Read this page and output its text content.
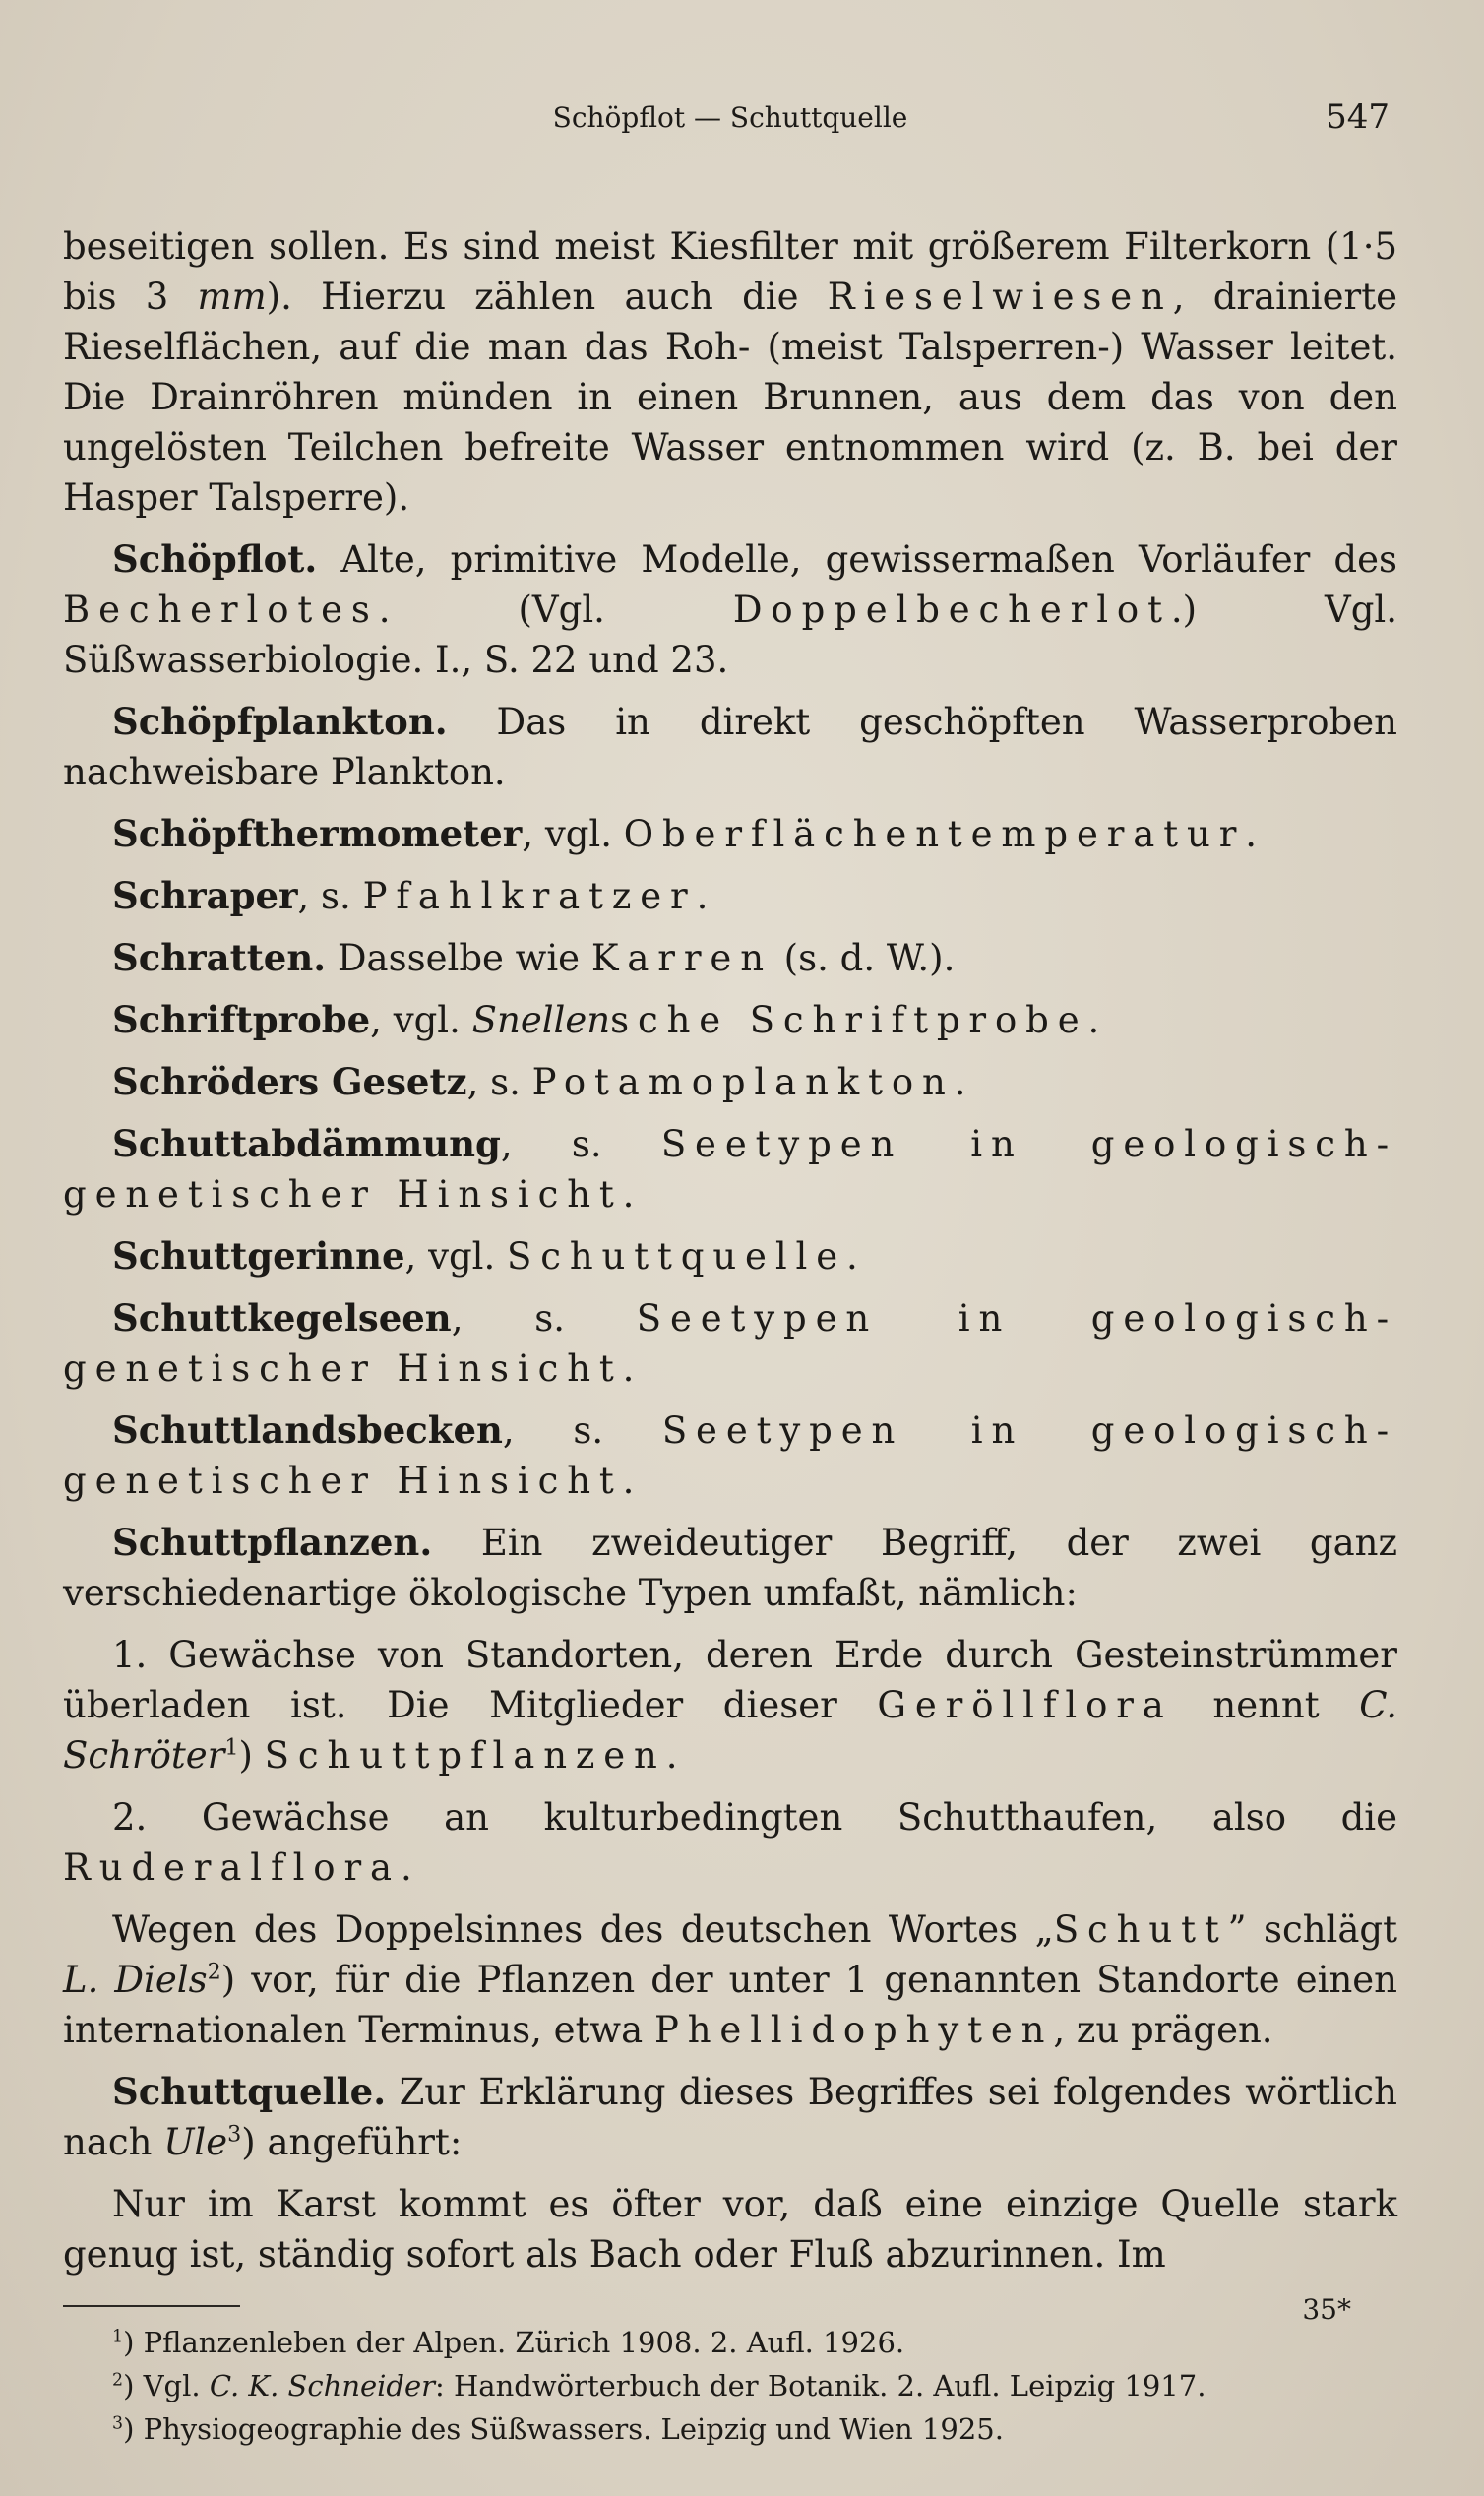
Schöpflot — Schuttquelle	547

beseitigen sollen. Es sind meist Kiesfilter mit größerem Filterkorn (1·5 bis 3 mm). Hierzu zählen auch die Rieselwiesen, drainierte Rieselflächen, auf die man das Roh- (meist Talsperren-) Wasser leitet. Die Drainröhren münden in einen Brunnen, aus dem das von den ungelösten Teilchen befreite Wasser entnommen wird (z. B. bei der Hasper Talsperre).

Schöpflot. Alte, primitive Modelle, gewissermaßen Vorläufer des Becherlotes. (Vgl. Doppelbecherlot.) Vgl. Süßwasserbiologie. I., S. 22 und 23.

Schöpfplankton. Das in direkt geschöpften Wasserproben nachweisbare Plankton.

Schöpfthermometer, vgl. Oberflächentemperatur.

Schraper, s. Pfahlkratzer.

Schratten. Dasselbe wie Karren (s. d. W.).

Schriftprobe, vgl. Snellensche Schriftprobe.

Schröders Gesetz, s. Potamoplankton.

Schuttabdämmung, s. Seetypen in geologisch-genetischer Hinsicht.

Schuttgerinne, vgl. Schuttquelle.

Schuttkegelseen, s. Seetypen in geologisch-genetischer Hinsicht.

Schuttlandsbecken, s. Seetypen in geologisch-genetischer Hinsicht.

Schuttpflanzen. Ein zweideutiger Begriff, der zwei ganz verschiedenartige ökologische Typen umfaßt, nämlich:

1. Gewächse von Standorten, deren Erde durch Gesteinstrümmer überladen ist. Die Mitglieder dieser Geröllflora nennt C. Schröter$^1$) Schuttpflanzen.

2. Gewächse an kulturbedingten Schutthaufen, also die Ruderalflora.

Wegen des Doppelsinnes des deutschen Wortes „Schutt” schlägt L. Diels$^2$) vor, für die Pflanzen der unter 1 genannten Standorte einen internationalen Terminus, etwa Phellidophyten, zu prägen.

Schuttquelle. Zur Erklärung dieses Begriffes sei folgendes wörtlich nach Ule$^3$) angeführt:

Nur im Karst kommt es öfter vor, daß eine einzige Quelle stark genug ist, ständig sofort als Bach oder Fluß abzurinnen. Im

$^1$) Pflanzenleben der Alpen. Zürich 1908. 2. Aufl. 1926.
$^2$) Vgl. C. K. Schneider: Handwörterbuch der Botanik. 2. Aufl. Leipzig 1917.
$^3$) Physiogeographie des Süßwassers. Leipzig und Wien 1925.
35*
